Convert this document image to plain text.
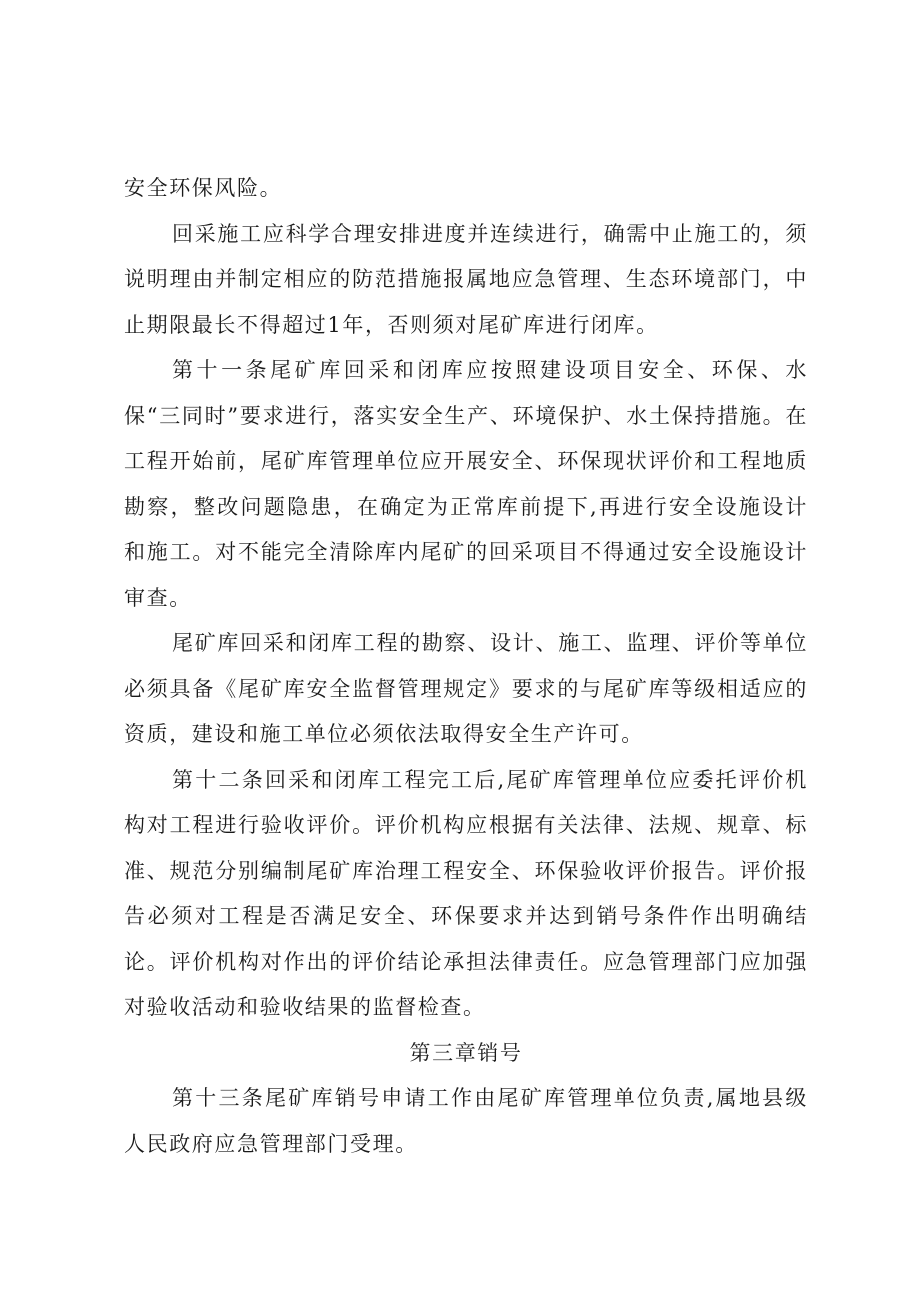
安全环保风险。

回采施工应科学合理安排进度并连续进行，确需中止施工的，须说明理由并制定相应的防范措施报属地应急管理、生态环境部门，中止期限最长不得超过1年，否则须对尾矿库进行闭库。

第十一条尾矿库回采和闭库应按照建设项目安全、环保、水保“三同时”要求进行，落实安全生产、环境保护、水土保持措施。在工程开始前，尾矿库管理单位应开展安全、环保现状评价和工程地质勘察，整改问题隐患，在确定为正常库前提下,再进行安全设施设计和施工。对不能完全清除库内尾矿的回采项目不得通过安全设施设计审查。

尾矿库回采和闭库工程的勘察、设计、施工、监理、评价等单位必须具备《尾矿库安全监督管理规定》要求的与尾矿库等级相适应的资质，建设和施工单位必须依法取得安全生产许可。

第十二条回采和闭库工程完工后,尾矿库管理单位应委托评价机构对工程进行验收评价。评价机构应根据有关法律、法规、规章、标准、规范分别编制尾矿库治理工程安全、环保验收评价报告。评价报告必须对工程是否满足安全、环保要求并达到销号条件作出明确结论。评价机构对作出的评价结论承担法律责任。应急管理部门应加强对验收活动和验收结果的监督检查。

第三章销号

第十三条尾矿库销号申请工作由尾矿库管理单位负责,属地县级人民政府应急管理部门受理。
